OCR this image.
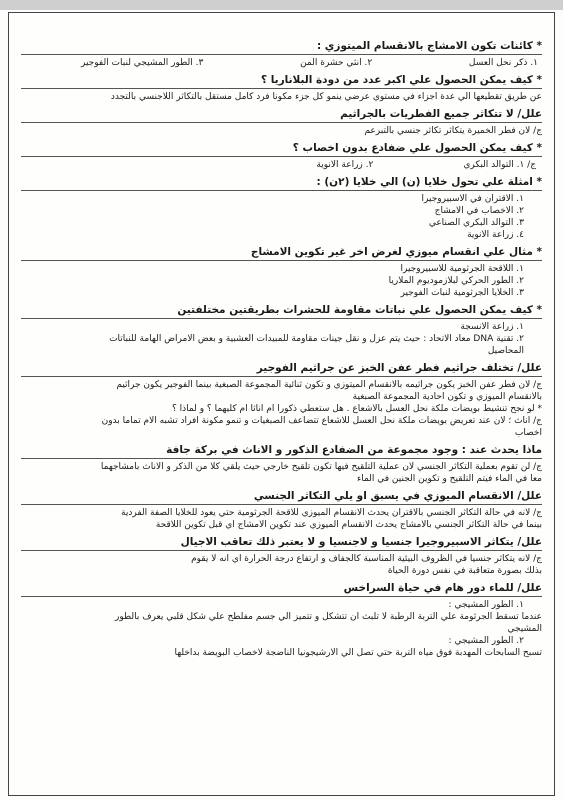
* كائنات تكون الامشاج بالانقسام الميتوزي :
١. ذكر نحل العسل
٢. انثي حشرة المن
٣. الطور المشيجي لنبات الفوجير
* كيف يمكن الحصول علي اكبر عدد من دودة البلاناريا ؟
عن طريق تقطيعها الي عدة اجزاء في مستوي عرضي ينمو كل جزء مكونا فرد كامل مستقل بالتكاثر اللاجنسي بالتجدد
علل/ لا تتكاثر جميع الفطريات بالجراثيم
ج/ لان فطر الخميرة يتكاثر تكاثر جنسي بالتبرعم
* كيف يمكن الحصول علي ضفادع بدون اخصاب ؟
ج/ ١. التوالد البكري
٢. زراعة الانوية
* امثلة علي تحول خلايا (ن) الي خلايا (٢ن) :
١. الاقتران في الاسبيروجيرا
٢. الاخصاب في الامشاج
٣. التوالد البكري الصناعي
٤. زراعة الانوية
* مثال علي انقسام ميوزي لغرض اخر غير تكوين الامشاج
١. اللاقحة الجرثومية للاسبيروجيرا
٢. الطور الحركي لبلازموديوم الملاريا
٣. الخلايا الجرثومية لنبات الفوجير
* كيف يمكن الحصول علي نباتات مقاومة للحشرات بطريقتين مختلفتين
١. زراعة الانسجة
٢. تقنية DNA معاد الاتحاد : حيث يتم عزل و نقل جينات مقاومة للمبيدات العشبية و بعض الامراض الهامة للنباتات
المحاصيل
علل/ تختلف جراثيم فطر عفن الخبز عن جراثيم الفوجير
ج/ لان فطر عفن الخبز يكون جراثيمه بالانقسام الميتوزي و تكون ثنائية المجموعة الصبغية بينما الفوجير يكون جراثيم
بالانقسام الميوزي و تكون احادية المجموعة الصبغية
* لو نجح تنشيط بويضات ملكة نحل العسل بالاشعاع . هل ستعطي ذكورا ام اناثا ام كليهما ؟ و لماذا ؟
ج/ اناث ؛ لان عند تعريض بويضات ملكة نحل العسل للاشعاع تتضاعف الصبغيات و تنمو مكونة افراد تشبه الام تماما بدون
اخصاب
ماذا يحدث عند : وجود مجموعة من الضفادع الذكور و الاناث في بركة جافة
ج/ لن تقوم بعملية التكاثر الجنسي لان عملية التلقيح فيها تكون تلقيح خارجي حيث يلقي كلا من الذكر و الاناث بامشاجهما
معا في الماء فيتم التلقيح و تكوين الجنين في الماء
علل/ الانقسام الميوزي في يسبق او يلي التكاثر الجنسي
ج/ لانه في حالة التكاثر الجنسي بالاقتران يحدث الانقسام الميوزي للاقحة الجرثومية حتي يعود للخلايا الصفة الفردية
بينما في حالة التكاثر الجنسي بالامشاج يحدث الانقسام الميوزي عند تكوين الامشاج اي قبل تكوين اللاقحة
علل/ يتكاثر الاسبيروجيرا جنسيا و لاجنسيا و لا يعتبر ذلك تعاقب الاجيال
ج/ لانه يتكاثر جنسيا في الظروف البيئية المناسبة كالجفاف و ارتفاع درجة الحرارة اي انه لا يقوم
بذلك بصورة متعاقبة في نفس دورة الحياة
علل/ للماء دور هام في حياة السراخس
١. الطور المشيجي :
عندما تسقط الجرثومة علي التربة الرطبة لا تلبث ان تتشكل و تتميز الي جسم مفلطح علي شكل قلبي يعرف بالطور
المشيجي
٢. الطور المشيجي :
تسبح السابحات المهدبة فوق مياه التربة حتي تصل الي الارشيجونيا الناضجة لاخصاب البويضة بداخلها
